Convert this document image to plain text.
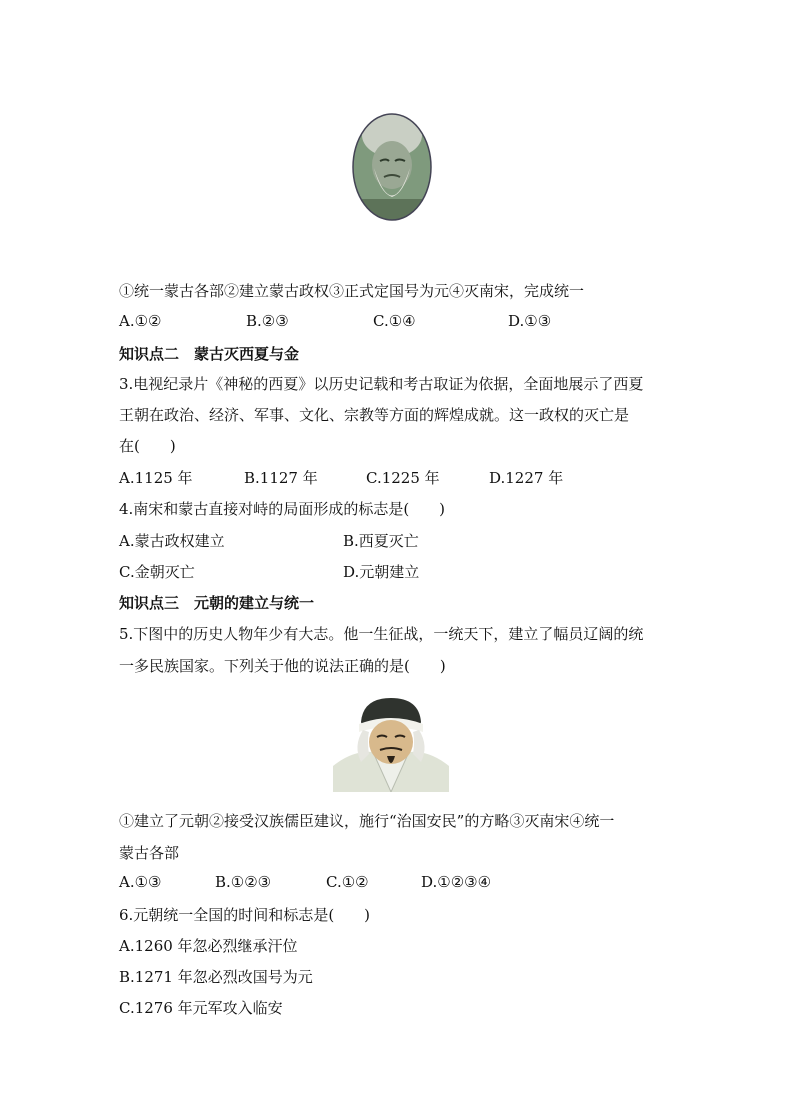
①统一蒙古各部②建立蒙古政权③正式定国号为元④灭南宋，完成统一
A.①②	B.②③	C.①④	D.①③
知识点二　蒙古灭西夏与金
3.电视纪录片《神秘的西夏》以历史记载和考古取证为依据，全面地展示了西夏
王朝在政治、经济、军事、文化、宗教等方面的辉煌成就。这一政权的灭亡是
在(　　)
A.1125 年	B.1127 年	C.1225 年	D.1227 年
4.南宋和蒙古直接对峙的局面形成的标志是(　　)
A.蒙古政权建立	B.西夏灭亡
C.金朝灭亡	D.元朝建立
知识点三　元朝的建立与统一
5.下图中的历史人物年少有大志。他一生征战，一统天下，建立了幅员辽阔的统
一多民族国家。下列关于他的说法正确的是(　　)
①建立了元朝②接受汉族儒臣建议，施行“治国安民”的方略③灭南宋④统一
蒙古各部
A.①③	B.①②③	C.①②	D.①②③④
6.元朝统一全国的时间和标志是(　　)
A.1260 年忽必烈继承汗位
B.1271 年忽必烈改国号为元
C.1276 年元军攻入临安
